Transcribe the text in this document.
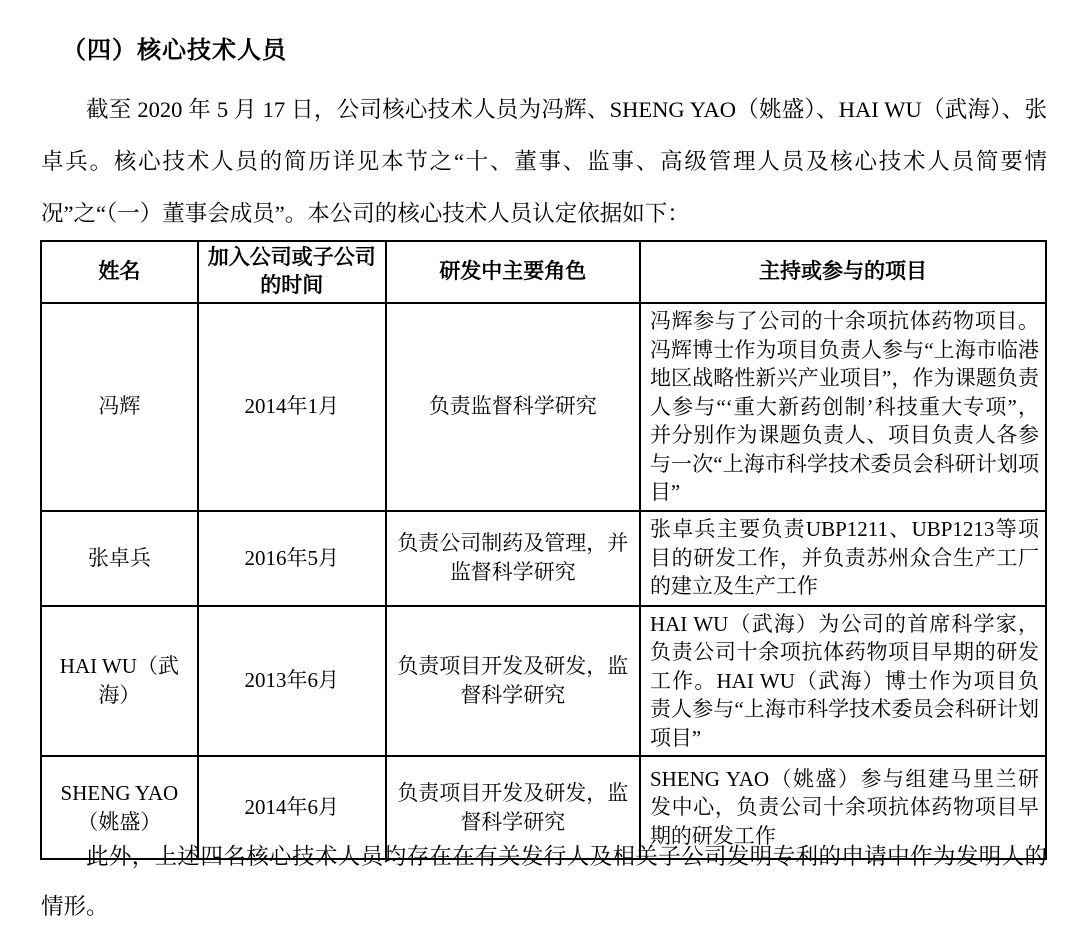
（四）核心技术人员

截至 2020 年 5 月 17 日，公司核心技术人员为冯辉、SHENG YAO（姚盛）、HAI WU（武海）、张卓兵。核心技术人员的简历详见本节之“十、董事、监事、高级管理人员及核心技术人员简要情况”之“（一）董事会成员”。本公司的核心技术人员认定依据如下：

姓名	加入公司或子公司的时间	研发中主要角色	主持或参与的项目
冯辉	2014年1月	负责监督科学研究	冯辉参与了公司的十余项抗体药物项目。冯辉博士作为项目负责人参与“上海市临港地区战略性新兴产业项目”，作为课题负责人参与“‘重大新药创制’科技重大专项”，并分别作为课题负责人、项目负责人各参与一次“上海市科学技术委员会科研计划项目”
张卓兵	2016年5月	负责公司制药及管理，并监督科学研究	张卓兵主要负责UBP1211、UBP1213等项目的研发工作，并负责苏州众合生产工厂的建立及生产工作
HAI WU（武海）	2013年6月	负责项目开发及研发，监督科学研究	HAI WU（武海）为公司的首席科学家，负责公司十余项抗体药物项目早期的研发工作。HAI WU（武海）博士作为项目负责人参与“上海市科学技术委员会科研计划项目”
SHENG YAO（姚盛）	2014年6月	负责项目开发及研发，监督科学研究	SHENG YAO（姚盛）参与组建马里兰研发中心，负责公司十余项抗体药物项目早期的研发工作

此外，上述四名核心技术人员均存在在有关发行人及相关子公司发明专利的申请中作为发明人的情形。
